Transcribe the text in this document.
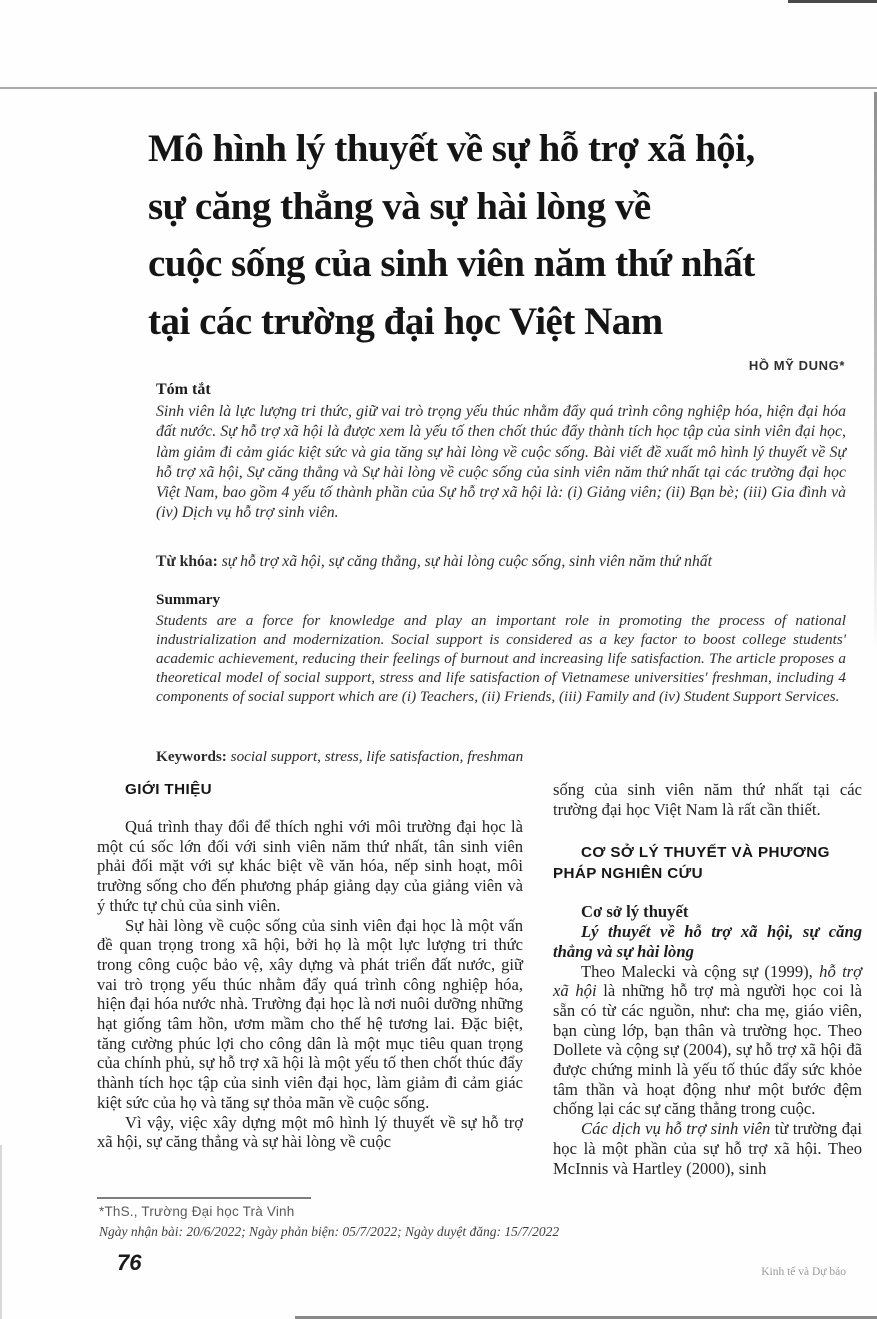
Mô hình lý thuyết về sự hỗ trợ xã hội,
sự căng thẳng và sự hài lòng về
cuộc sống của sinh viên năm thứ nhất
tại các trường đại học Việt Nam
HỒ MỸ DUNG*
Tóm tắt

Sinh viên là lực lượng tri thức, giữ vai trò trọng yếu thúc nhằm đẩy quá trình công nghiệp hóa, hiện đại hóa đất nước. Sự hỗ trợ xã hội là được xem là yếu tố then chốt thúc đẩy thành tích học tập của sinh viên đại học, làm giảm đi cảm giác kiệt sức và gia tăng sự hài lòng về cuộc sống. Bài viết đề xuất mô hình lý thuyết về Sự hỗ trợ xã hội, Sự căng thẳng và Sự hài lòng về cuộc sống của sinh viên năm thứ nhất tại các trường đại học Việt Nam, bao gồm 4 yếu tố thành phần của Sự hỗ trợ xã hội là: (i) Giảng viên; (ii) Bạn bè; (iii) Gia đình và (iv) Dịch vụ hỗ trợ sinh viên.

Từ khóa: sự hỗ trợ xã hội, sự căng thẳng, sự hài lòng cuộc sống, sinh viên năm thứ nhất
Summary

Students are a force for knowledge and play an important role in promoting the process of national industrialization and modernization. Social support is considered as a key factor to boost college students' academic achievement, reducing their feelings of burnout and increasing life satisfaction. The article proposes a theoretical model of social support, stress and life satisfaction of Vietnamese universities' freshman, including 4 components of social support which are (i) Teachers, (ii) Friends, (iii) Family and (iv) Student Support Services.

Keywords: social support, stress, life satisfaction, freshman
GIỚI THIỆU

Quá trình thay đổi để thích nghi với môi trường đại học là một cú sốc lớn đối với sinh viên năm thứ nhất, tân sinh viên phải đối mặt với sự khác biệt về văn hóa, nếp sinh hoạt, môi trường sống cho đến phương pháp giảng dạy của giảng viên và ý thức tự chủ của sinh viên.

Sự hài lòng về cuộc sống của sinh viên đại học là một vấn đề quan trọng trong xã hội, bởi họ là một lực lượng tri thức trong công cuộc bảo vệ, xây dựng và phát triển đất nước, giữ vai trò trọng yếu thúc nhằm đẩy quá trình công nghiệp hóa, hiện đại hóa nước nhà. Trường đại học là nơi nuôi dưỡng những hạt giống tâm hồn, ươm mầm cho thế hệ tương lai. Đặc biệt, tăng cường phúc lợi cho công dân là một mục tiêu quan trọng của chính phủ, sự hỗ trợ xã hội là một yếu tố then chốt thúc đẩy thành tích học tập của sinh viên đại học, làm giảm đi cảm giác kiệt sức của họ và tăng sự thỏa mãn về cuộc sống.

Vì vậy, việc xây dựng một mô hình lý thuyết về sự hỗ trợ xã hội, sự căng thẳng và sự hài lòng về cuộc

sống của sinh viên năm thứ nhất tại các trường đại học Việt Nam là rất cần thiết.

CƠ SỞ LÝ THUYẾT VÀ PHƯƠNG PHÁP NGHIÊN CỨU

Cơ sở lý thuyết

Lý thuyết về hỗ trợ xã hội, sự căng thẳng và sự hài lòng

Theo Malecki và cộng sự (1999), hỗ trợ xã hội là những hỗ trợ mà người học coi là sẵn có từ các nguồn, như: cha mẹ, giáo viên, bạn cùng lớp, bạn thân và trường học. Theo Dollete và cộng sự (2004), sự hỗ trợ xã hội đã được chứng minh là yếu tố thúc đẩy sức khỏe tâm thần và hoạt động như một bước đệm chống lại các sự căng thẳng trong cuộc.

Các dịch vụ hỗ trợ sinh viên từ trường đại học là một phần của sự hỗ trợ xã hội. Theo McInnis và Hartley (2000), sinh

*ThS., Trường Đại học Trà Vinh
Ngày nhận bài: 20/6/2022; Ngày phản biện: 05/7/2022; Ngày duyệt đăng: 15/7/2022
76	Kinh tế và Dự báo
